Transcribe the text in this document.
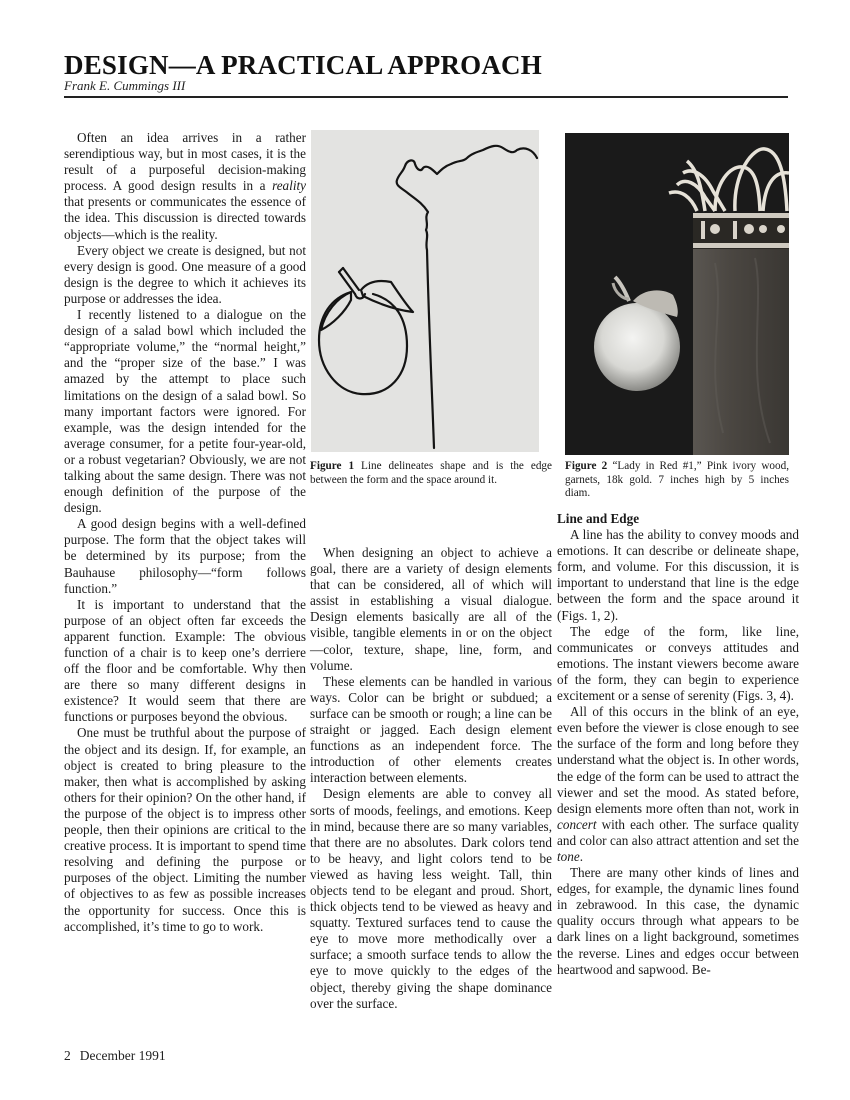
DESIGN—A PRACTICAL APPROACH
Frank E. Cummings III

Often an idea arrives in a rather serendiptious way, but in most cases, it is the result of a purposeful decision-making process. A good design results in a reality that presents or communicates the essence of the idea. This discussion is directed towards objects—which is the reality.

Every object we create is designed, but not every design is good. One measure of a good design is the degree to which it achieves its purpose or addresses the idea.

I recently listened to a dialogue on the design of a salad bowl which included the “appropriate volume,” the “normal height,” and the “proper size of the base.” I was amazed by the attempt to place such limitations on the design of a salad bowl. So many important factors were ignored. For example, was the design intended for the average consumer, for a petite four-year-old, or a robust vegetarian? Obviously, we are not talking about the same design. There was not enough definition of the purpose of the design.

A good design begins with a well-defined purpose. The form that the object takes will be determined by its purpose; from the Bauhause philosophy—“form follows function.”

It is important to understand that the purpose of an object often far exceeds the apparent function. Example: The obvious function of a chair is to keep one’s derriere off the floor and be comfortable. Why then are there so many different designs in existence? It would seem that there are functions or purposes beyond the obvious.

One must be truthful about the purpose of the object and its design. If, for example, an object is created to bring pleasure to the maker, then what is accomplished by asking others for their opinion? On the other hand, if the purpose of the object is to impress other people, then their opinions are critical to the creative process. It is important to spend time resolving and defining the purpose or purposes of the object. Limiting the number of objectives to as few as possible increases the opportunity for success. Once this is accomplished, it’s time to go to work.

Figure 1 Line delineates shape and is the edge between the form and the space around it.

When designing an object to achieve a goal, there are a variety of design elements that can be considered, all of which will assist in establishing a visual dialogue. Design elements basically are all of the visible, tangible elements in or on the object—color, texture, shape, line, form, and volume.

These elements can be handled in various ways. Color can be bright or subdued; a surface can be smooth or rough; a line can be straight or jagged. Each design element functions as an independent force. The introduction of other elements creates interaction between elements.

Design elements are able to convey all sorts of moods, feelings, and emotions. Keep in mind, because there are so many variables, that there are no absolutes. Dark colors tend to be heavy, and light colors tend to be viewed as having less weight. Tall, thin objects tend to be elegant and proud. Short, thick objects tend to be viewed as heavy and squatty. Textured surfaces tend to cause the eye to move more methodically over a surface; a smooth surface tends to allow the eye to move quickly to the edges of the object, thereby giving the shape dominance over the surface.

Figure 2 “Lady in Red #1,” Pink ivory wood, garnets, 18k gold. 7 inches high by 5 inches diam.
Line and Edge

A line has the ability to convey moods and emotions. It can describe or delineate shape, form, and volume. For this discussion, it is important to understand that line is the edge between the form and the space around it (Figs. 1, 2).

The edge of the form, like line, communicates or conveys attitudes and emotions. The instant viewers become aware of the form, they can begin to experience excitement or a sense of serenity (Figs. 3, 4).

All of this occurs in the blink of an eye, even before the viewer is close enough to see the surface of the form and long before they understand what the object is. In other words, the edge of the form can be used to attract the viewer and set the mood. As stated before, design elements more often than not, work in concert with each other. The surface quality and color can also attract attention and set the tone.

There are many other kinds of lines and edges, for example, the dynamic lines found in zebrawood. In this case, the dynamic quality occurs through what appears to be dark lines on a light background, sometimes the reverse. Lines and edges occur between heartwood and sapwood. Be-

2 December 1991
